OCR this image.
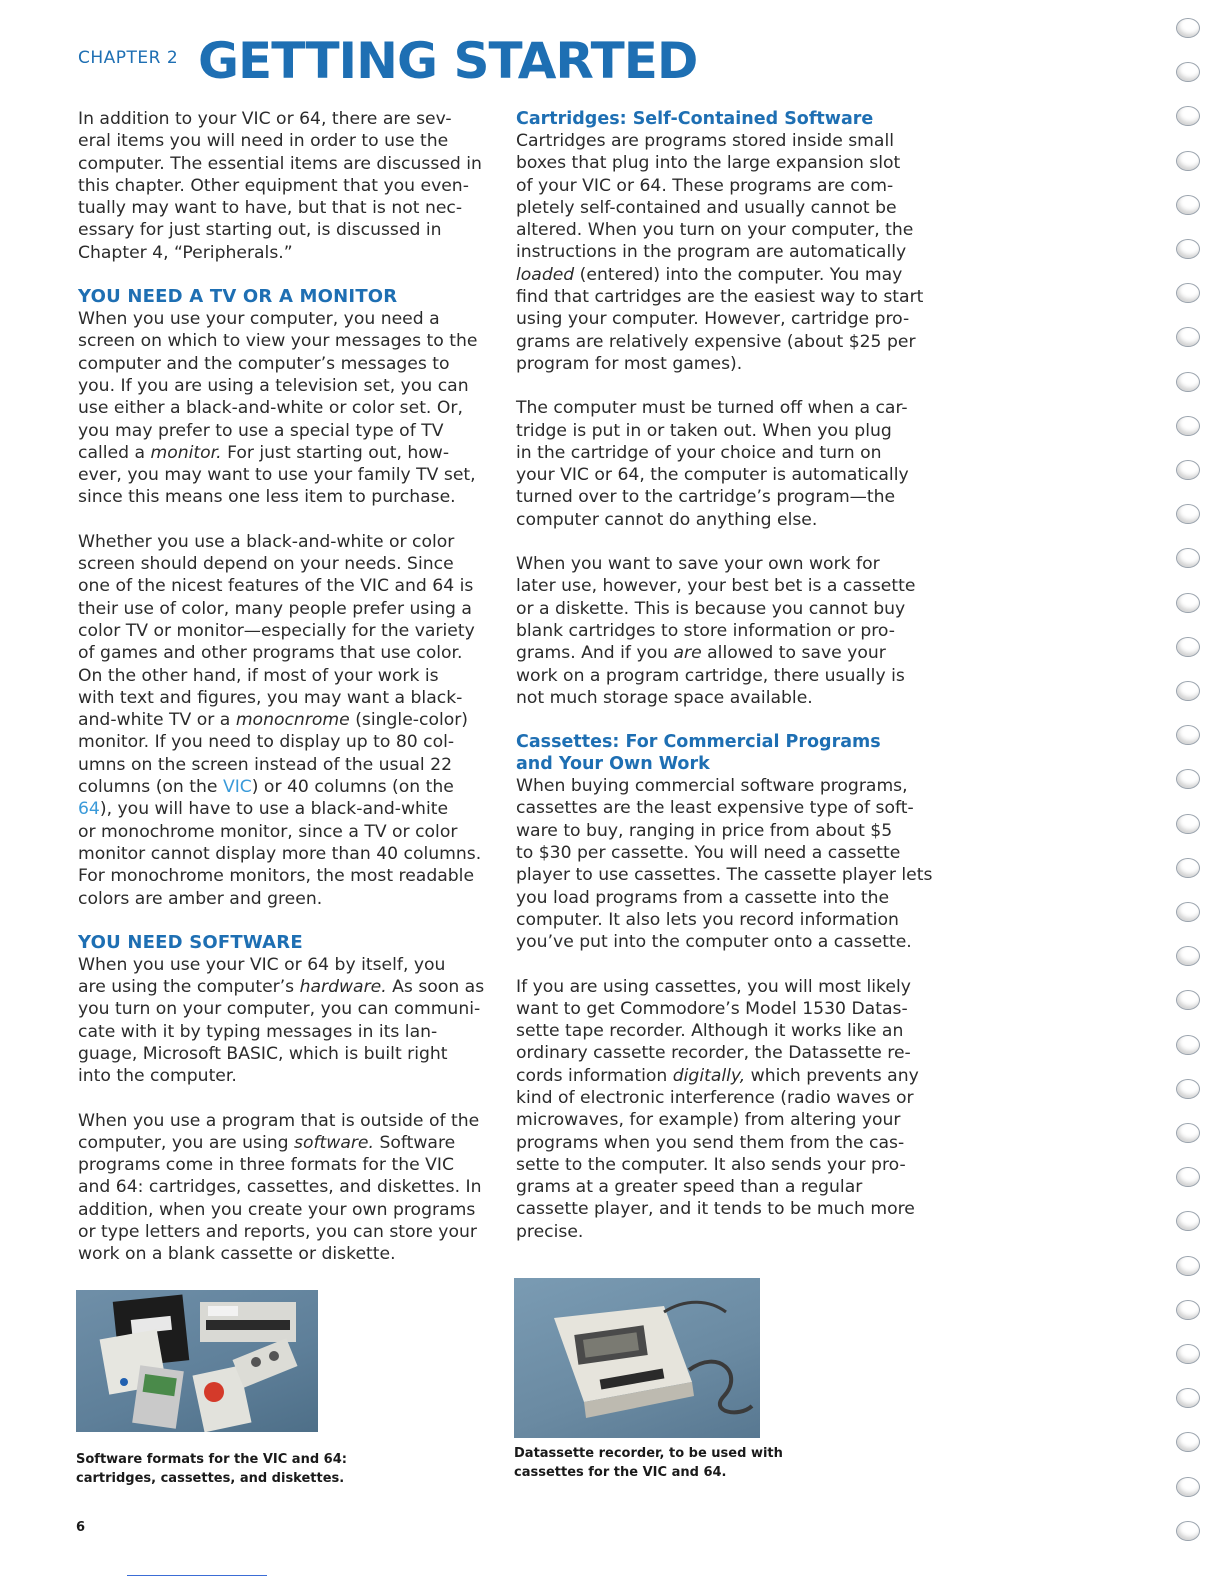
CHAPTER 2 GETTING STARTED

In addition to your VIC or 64, there are sev-
eral items you will need in order to use the
computer. The essential items are discussed in
this chapter. Other equipment that you even-
tually may want to have, but that is not nec-
essary for just starting out, is discussed in
Chapter 4, “Peripherals.”

YOU NEED A TV OR A MONITOR

When you use your computer, you need a
screen on which to view your messages to the
computer and the computer’s messages to
you. If you are using a television set, you can
use either a black-and-white or color set. Or,
you may prefer to use a special type of TV
called a monitor. For just starting out, how-
ever, you may want to use your family TV set,
since this means one less item to purchase.

Whether you use a black-and-white or color
screen should depend on your needs. Since
one of the nicest features of the VIC and 64 is
their use of color, many people prefer using a
color TV or monitor—especially for the variety
of games and other programs that use color.
On the other hand, if most of your work is
with text and figures, you may want a black-
and-white TV or a monocnrome (single-color)
monitor. If you need to display up to 80 col-
umns on the screen instead of the usual 22
columns (on the VIC) or 40 columns (on the
64), you will have to use a black-and-white
or monochrome monitor, since a TV or color
monitor cannot display more than 40 columns.
For monochrome monitors, the most readable
colors are amber and green.

YOU NEED SOFTWARE

When you use your VIC or 64 by itself, you
are using the computer’s hardware. As soon as
you turn on your computer, you can communi-
cate with it by typing messages in its lan-
guage, Microsoft BASIC, which is built right
into the computer.

When you use a program that is outside of the
computer, you are using software. Software
programs come in three formats for the VIC
and 64: cartridges, cassettes, and diskettes. In
addition, when you create your own programs
or type letters and reports, you can store your
work on a blank cassette or diskette.

Cartridges: Self-Contained Software

Cartridges are programs stored inside small
boxes that plug into the large expansion slot
of your VIC or 64. These programs are com-
pletely self-contained and usually cannot be
altered. When you turn on your computer, the
instructions in the program are automatically
loaded (entered) into the computer. You may
find that cartridges are the easiest way to start
using your computer. However, cartridge pro-
grams are relatively expensive (about $25 per
program for most games).

The computer must be turned off when a car-
tridge is put in or taken out. When you plug
in the cartridge of your choice and turn on
your VIC or 64, the computer is automatically
turned over to the cartridge’s program—the
computer cannot do anything else.

When you want to save your own work for
later use, however, your best bet is a cassette
or a diskette. This is because you cannot buy
blank cartridges to store information or pro-
grams. And if you are allowed to save your
work on a program cartridge, there usually is
not much storage space available.

Cassettes: For Commercial Programs
and Your Own Work

When buying commercial software programs,
cassettes are the least expensive type of soft-
ware to buy, ranging in price from about $5
to $30 per cassette. You will need a cassette
player to use cassettes. The cassette player lets
you load programs from a cassette into the
computer. It also lets you record information
you’ve put into the computer onto a cassette.

If you are using cassettes, you will most likely
want to get Commodore’s Model 1530 Datas-
sette tape recorder. Although it works like an
ordinary cassette recorder, the Datassette re-
cords information digitally, which prevents any
kind of electronic interference (radio waves or
microwaves, for example) from altering your
programs when you send them from the cas-
sette to the computer. It also sends your pro-
grams at a greater speed than a regular
cassette player, and it tends to be much more
precise.

Software formats for the VIC and 64:
cartridges, cassettes, and diskettes.
Datassette recorder, to be used with
cassettes for the VIC and 64.
6
